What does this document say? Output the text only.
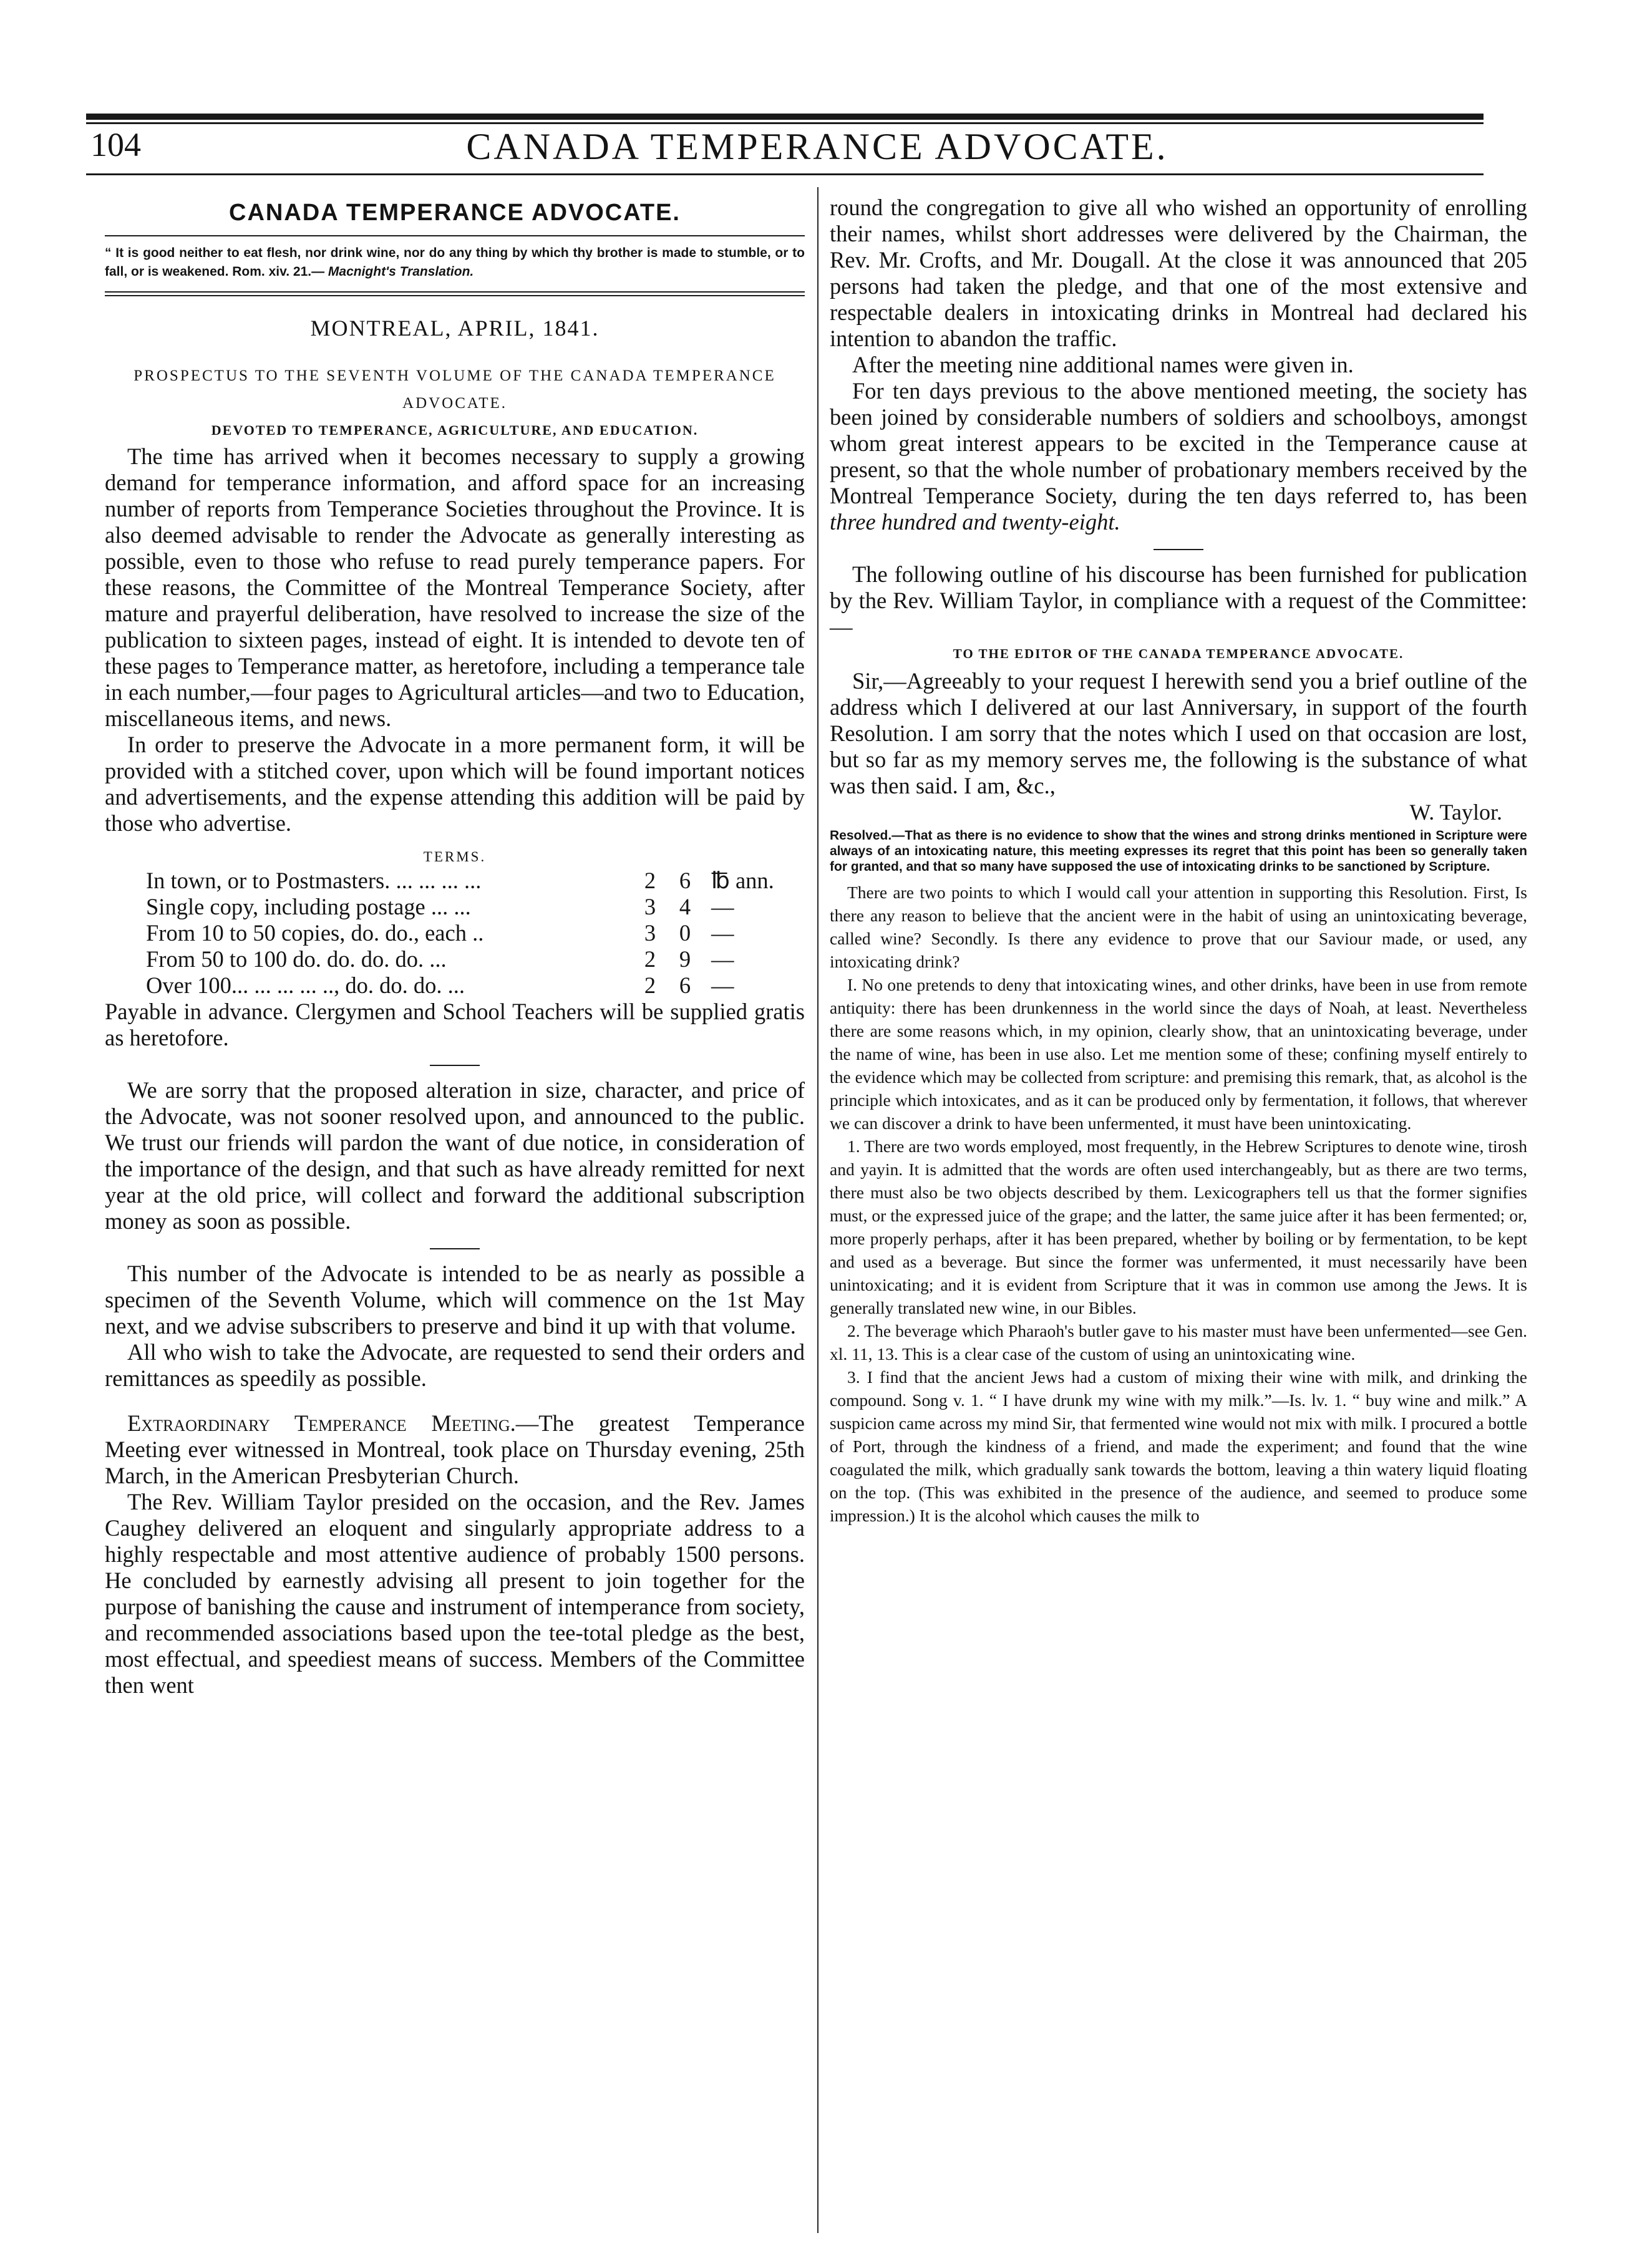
104	CANADA TEMPERANCE ADVOCATE.
CANADA TEMPERANCE ADVOCATE.
“ It is good neither to eat flesh, nor drink wine, nor do any thing by which thy brother is made to stumble, or to fall, or is weakened. Rom. xiv. 21.— Macnight's Translation.
MONTREAL, APRIL, 1841.
PROSPECTUS TO THE SEVENTH VOLUME OF THE CANADA TEMPERANCE ADVOCATE.
DEVOTED TO TEMPERANCE, AGRICULTURE, AND EDUCATION.

The time has arrived when it becomes necessary to supply a growing demand for temperance information, and afford space for an increasing number of reports from Temperance Societies throughout the Province. It is also deemed advisable to render the Advocate as generally interesting as possible, even to those who refuse to read purely temperance papers. For these reasons, the Committee of the Montreal Temperance Society, after mature and prayerful deliberation, have resolved to increase the size of the publication to sixteen pages, instead of eight. It is intended to devote ten of these pages to Temperance matter, as heretofore, including a temperance tale in each number,—four pages to Agricultural articles—and two to Education, miscellaneous items, and news.

In order to preserve the Advocate in a more permanent form, it will be provided with a stitched cover, upon which will be found important notices and advertisements, and the expense attending this addition will be paid by those who advertise.

TERMS.
In town, or to Postmasters. ... ... ... ...	2	6	℔ ann.
Single copy, including postage ... ...	3	4	—
From 10 to 50 copies, do. do., each ..	3	0	—
From 50 to 100 do. do. do. do. ...	2	9	—
Over 100... ... ... ... .., do. do. do. ...	2	6	—

Payable in advance. Clergymen and School Teachers will be supplied gratis as heretofore.

We are sorry that the proposed alteration in size, character, and price of the Advocate, was not sooner resolved upon, and announced to the public. We trust our friends will pardon the want of due notice, in consideration of the importance of the design, and that such as have already remitted for next year at the old price, will collect and forward the additional subscription money as soon as possible.

This number of the Advocate is intended to be as nearly as possible a specimen of the Seventh Volume, which will commence on the 1st May next, and we advise subscribers to preserve and bind it up with that volume.

All who wish to take the Advocate, are requested to send their orders and remittances as speedily as possible.

Extraordinary Temperance Meeting.—The greatest Temperance Meeting ever witnessed in Montreal, took place on Thursday evening, 25th March, in the American Presbyterian Church.

The Rev. William Taylor presided on the occasion, and the Rev. James Caughey delivered an eloquent and singularly appropriate address to a highly respectable and most attentive audience of probably 1500 persons. He concluded by earnestly advising all present to join together for the purpose of banishing the cause and instrument of intemperance from society, and recommended associations based upon the tee-total pledge as the best, most effectual, and speediest means of success. Members of the Committee then went

round the congregation to give all who wished an opportunity of enrolling their names, whilst short addresses were delivered by the Chairman, the Rev. Mr. Crofts, and Mr. Dougall. At the close it was announced that 205 persons had taken the pledge, and that one of the most extensive and respectable dealers in intoxicating drinks in Montreal had declared his intention to abandon the traffic.

After the meeting nine additional names were given in.

For ten days previous to the above mentioned meeting, the society has been joined by considerable numbers of soldiers and schoolboys, amongst whom great interest appears to be excited in the Temperance cause at present, so that the whole number of probationary members received by the Montreal Temperance Society, during the ten days referred to, has been three hundred and twenty-eight.

The following outline of his discourse has been furnished for publication by the Rev. William Taylor, in compliance with a request of the Committee:—

TO THE EDITOR OF THE CANADA TEMPERANCE ADVOCATE.

Sir,—Agreeably to your request I herewith send you a brief outline of the address which I delivered at our last Anniversary, in support of the fourth Resolution. I am sorry that the notes which I used on that occasion are lost, but so far as my memory serves me, the following is the substance of what was then said. I am, &c.,

W. Taylor.

Resolved.—That as there is no evidence to show that the wines and strong drinks mentioned in Scripture were always of an intoxicating nature, this meeting expresses its regret that this point has been so generally taken for granted, and that so many have supposed the use of intoxicating drinks to be sanctioned by Scripture.

There are two points to which I would call your attention in supporting this Resolution. First, Is there any reason to believe that the ancient were in the habit of using an unintoxicating beverage, called wine? Secondly. Is there any evidence to prove that our Saviour made, or used, any intoxicating drink?

I. No one pretends to deny that intoxicating wines, and other drinks, have been in use from remote antiquity: there has been drunkenness in the world since the days of Noah, at least. Nevertheless there are some reasons which, in my opinion, clearly show, that an unintoxicating beverage, under the name of wine, has been in use also. Let me mention some of these; confining myself entirely to the evidence which may be collected from scripture: and premising this remark, that, as alcohol is the principle which intoxicates, and as it can be produced only by fermentation, it follows, that wherever we can discover a drink to have been unfermented, it must have been unintoxicating.

1. There are two words employed, most frequently, in the Hebrew Scriptures to denote wine, tirosh and yayin. It is admitted that the words are often used interchangeably, but as there are two terms, there must also be two objects described by them. Lexicographers tell us that the former signifies must, or the expressed juice of the grape; and the latter, the same juice after it has been fermented; or, more properly perhaps, after it has been prepared, whether by boiling or by fermentation, to be kept and used as a beverage. But since the former was unfermented, it must necessarily have been unintoxicating; and it is evident from Scripture that it was in common use among the Jews. It is generally translated new wine, in our Bibles.

2. The beverage which Pharaoh's butler gave to his master must have been unfermented—see Gen. xl. 11, 13. This is a clear case of the custom of using an unintoxicating wine.

3. I find that the ancient Jews had a custom of mixing their wine with milk, and drinking the compound. Song v. 1. “ I have drunk my wine with my milk.”—Is. lv. 1. “ buy wine and milk.” A suspicion came across my mind Sir, that fermented wine would not mix with milk. I procured a bottle of Port, through the kindness of a friend, and made the experiment; and found that the wine coagulated the milk, which gradually sank towards the bottom, leaving a thin watery liquid floating on the top. (This was exhibited in the presence of the audience, and seemed to produce some impression.) It is the alcohol which causes the milk to
